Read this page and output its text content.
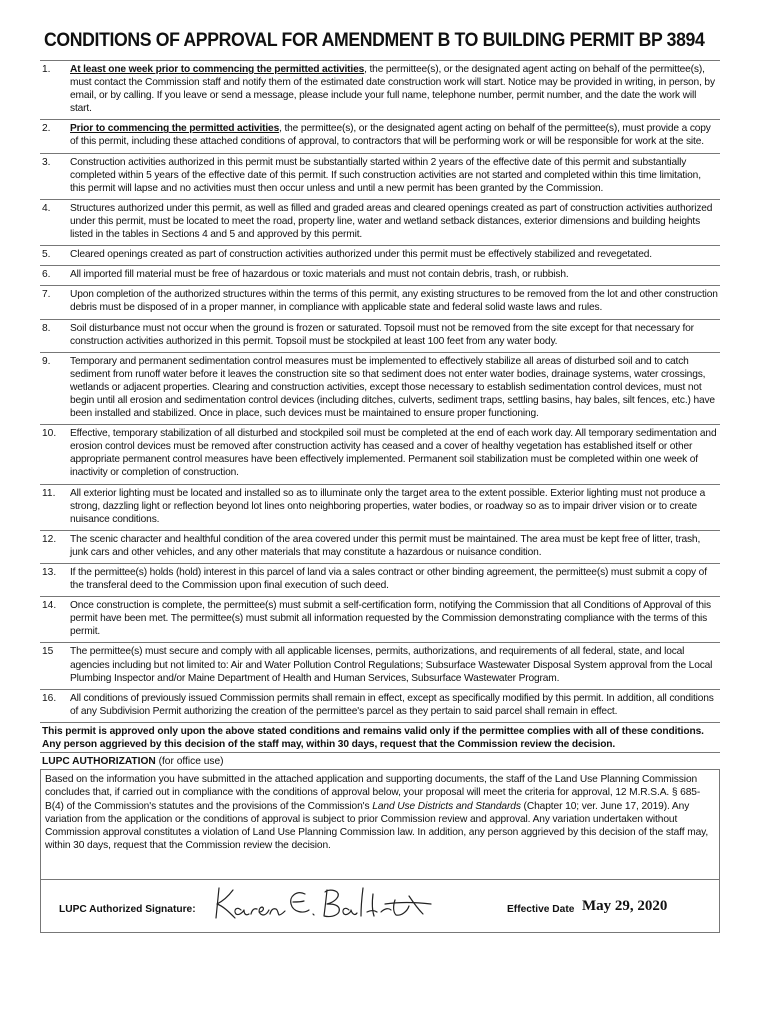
CONDITIONS OF APPROVAL FOR AMENDMENT B TO BUILDING PERMIT BP 3894
1.	At least one week prior to commencing the permitted activities, the permittee(s), or the designated agent acting on behalf of the permittee(s), must contact the Commission staff and notify them of the estimated date construction work will start. Notice may be provided in writing, in person, by email, or by calling. If you leave or send a message, please include your full name, telephone number, permit number, and the date the work will start.
2.	Prior to commencing the permitted activities, the permittee(s), or the designated agent acting on behalf of the permittee(s), must provide a copy of this permit, including these attached conditions of approval, to contractors that will be performing work or will be responsible for work at the site.
3.	Construction activities authorized in this permit must be substantially started within 2 years of the effective date of this permit and substantially completed within 5 years of the effective date of this permit. If such construction activities are not started and completed within this time limitation, this permit will lapse and no activities must then occur unless and until a new permit has been granted by the Commission.
4.	Structures authorized under this permit, as well as filled and graded areas and cleared openings created as part of construction activities authorized under this permit, must be located to meet the road, property line, water and wetland setback distances, exterior dimensions and building heights listed in the tables in Sections 4 and 5 and approved by this permit.
5.	Cleared openings created as part of construction activities authorized under this permit must be effectively stabilized and revegetated.
6.	All imported fill material must be free of hazardous or toxic materials and must not contain debris, trash, or rubbish.
7.	Upon completion of the authorized structures within the terms of this permit, any existing structures to be removed from the lot and other construction debris must be disposed of in a proper manner, in compliance with applicable state and federal solid waste laws and rules.
8.	Soil disturbance must not occur when the ground is frozen or saturated. Topsoil must not be removed from the site except for that necessary for construction activities authorized in this permit. Topsoil must be stockpiled at least 100 feet from any water body.
9.	Temporary and permanent sedimentation control measures must be implemented to effectively stabilize all areas of disturbed soil and to catch sediment from runoff water before it leaves the construction site so that sediment does not enter water bodies, drainage systems, water crossings, wetlands or adjacent properties. Clearing and construction activities, except those necessary to establish sedimentation control devices, must not begin until all erosion and sedimentation control devices (including ditches, culverts, sediment traps, settling basins, hay bales, silt fences, etc.) have been installed and stabilized. Once in place, such devices must be maintained to ensure proper functioning.
10.	Effective, temporary stabilization of all disturbed and stockpiled soil must be completed at the end of each work day. All temporary sedimentation and erosion control devices must be removed after construction activity has ceased and a cover of healthy vegetation has established itself or other appropriate permanent control measures have been effectively implemented. Permanent soil stabilization must be completed within one week of inactivity or completion of construction.
11.	All exterior lighting must be located and installed so as to illuminate only the target area to the extent possible. Exterior lighting must not produce a strong, dazzling light or reflection beyond lot lines onto neighboring properties, water bodies, or roadway so as to impair driver vision or to create nuisance conditions.
12.	The scenic character and healthful condition of the area covered under this permit must be maintained. The area must be kept free of litter, trash, junk cars and other vehicles, and any other materials that may constitute a hazardous or nuisance condition.
13.	If the permittee(s) holds (hold) interest in this parcel of land via a sales contract or other binding agreement, the permittee(s) must submit a copy of the transferal deed to the Commission upon final execution of such deed.
14.	Once construction is complete, the permittee(s) must submit a self-certification form, notifying the Commission that all Conditions of Approval of this permit have been met. The permittee(s) must submit all information requested by the Commission demonstrating compliance with the terms of this permit.
15	The permittee(s) must secure and comply with all applicable licenses, permits, authorizations, and requirements of all federal, state, and local agencies including but not limited to: Air and Water Pollution Control Regulations; Subsurface Wastewater Disposal System approval from the Local Plumbing Inspector and/or Maine Department of Health and Human Services, Subsurface Wastewater Program.
16.	All conditions of previously issued Commission permits shall remain in effect, except as specifically modified by this permit. In addition, all conditions of any Subdivision Permit authorizing the creation of the permittee's parcel as they pertain to said parcel shall remain in effect.
This permit is approved only upon the above stated conditions and remains valid only if the permittee complies with all of these conditions. Any person aggrieved by this decision of the staff may, within 30 days, request that the Commission review the decision.
LUPC AUTHORIZATION (for office use)
Based on the information you have submitted in the attached application and supporting documents, the staff of the Land Use Planning Commission concludes that, if carried out in compliance with the conditions of approval below, your proposal will meet the criteria for approval, 12 M.R.S.A. § 685-B(4) of the Commission's statutes and the provisions of the Commission's Land Use Districts and Standards (Chapter 10; ver. June 17, 2019). Any variation from the application or the conditions of approval is subject to prior Commission review and approval. Any variation undertaken without Commission approval constitutes a violation of Land Use Planning Commission law. In addition, any person aggrieved by this decision of the staff may, within 30 days, request that the Commission review the decision.
LUPC Authorized Signature:	Effective Date May 29, 2020
